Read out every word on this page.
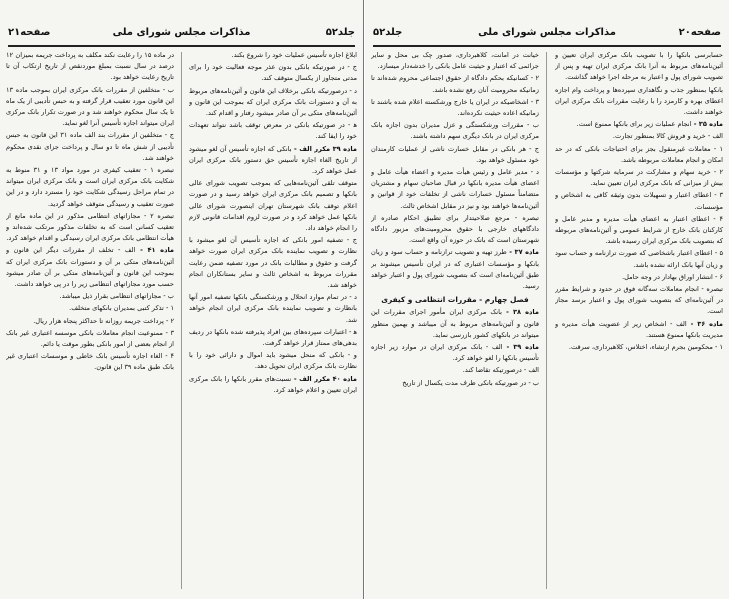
جلد۵۲
مذاکرات مجلس شورای ملی
صفحه۲۱
ابلاغ اجازه تأسیس عملیات خود را شروع بکند.
ﺝ - در صورتیکه بانکی بدون عذر موجه فعالیت خود را برای مدتی متجاوز از یکسال متوقف کند.
د - درصورتیکه بانکی برخلاف این قانون و آئین‌نامه‌های مربوط به آن و دستورات بانک مرکزی ایران که بموجب این قانون و آئین‌نامه‌های متکی بر آن صادر میشود رفتار و اقدام کند.
ﻫ - در صورتیکه بانکی در معرض توقف باشد نتواند تعهدات خود را ایفا کند.
ماده ۳۹ مکرر الف - بانکی که اجازه تأسیس آن لغو میشود از تاریخ الغاء اجازه تأسیس حق دستور بانک مرکزی ایران عمل خواهد کرد.
متوقف تلقی آئین‌نامه‌هایی که بموجب تصویب شورای عالی بانکها و تصمیم بانک مرکزی ایران خواهد رسید و در صورت اعلام توقف بانک شهرستان تهران اینصورت شورای عالی بانکها عمل خواهد کرد و در صورت لزوم اقدامات قانونی لازم را انجام خواهد داد.
ﺝ - تصفیه امور بانکی که اجازه تأسیس آن لغو میشود با نظارت و تصویب نماینده بانک مرکزی ایران صورت خواهد گرفت و حقوق و مطالبات بانک در مورد تصفیه ضمن رعایت مقررات مربوط به اشخاص ثالث و سایر بستانکاران انجام خواهد شد.
د - در تمام موارد انحلال و ورشکستگی بانکها تصفیه امور آنها بانظارت و تصویب نماینده بانک مرکزی ایران انجام خواهد شد.
ﻫ - اعتبارات سپرده‌های بین افراد پذیرفته شده بانکها در ردیف بدهی‌های ممتاز قرار خواهد گرفت.
و - بانکی که منحل میشود باید اموال و دارائی خود را با نظارت بانک مرکزی ایران تحویل دهد.
ماده ۴۰ مکرر الف - نسبت‌های مقرر بانکها را بانک مرکزی ایران تعیین و اعلام خواهد کرد.
در ماده ۱۵ را رعایت نکند مکلف به پرداخت جریمه بمیزان ۱۲ درصد در سال نسبت بمبلغ موردنقص از تاریخ ارتکاب آن تا تاریخ رعایت خواهد بود.
ب - متخلفین از مقررات بانک مرکزی ایران بموجب ماده ۱۳ این قانون مورد تعقیب قرار گرفته و به حبس تأدیبی از یک ماه تا یک سال محکوم خواهند شد و در صورت تکرار بانک مرکزی ایران میتواند اجازه تأسیس آنرا لغو نماید.
ج - متخلفین از مقررات بند الف ماده ۳۱ این قانون به حبس تأدیبی از شش ماه تا دو سال و پرداخت جزای نقدی محکوم خواهند شد.
تبصره ۱ - تعقیب کیفری در مورد مواد ۱۳ و ۳۱ منوط به شکایت بانک مرکزی ایران است و بانک مرکزی ایران میتواند در تمام مراحل رسیدگی شکایت خود را مسترد دارد و در این صورت تعقیب و رسیدگی متوقف خواهد گردید.
تبصره ۲ - مجازاتهای انتظامی مذکور در این ماده مانع از تعقیب کسانی است که به تخلفات مذکور مرتکب شده‌اند و هیأت انتظامی بانک مرکزی ایران رسیدگی و اقدام خواهد کرد.
ماده ۴۱ - الف - تخلف از مقررات دیگر این قانون و آئین‌نامه‌های متکی بر آن و دستورات بانک مرکزی ایران که بموجب این قانون و آئین‌نامه‌های متکی بر آن صادر میشود حسب مورد مجازاتهای انتظامی زیر را در پی خواهد داشت.
ب - مجازاتهای انتظامی بقرار ذیل میباشد.
۱ - تذکر کتبی بمدیران بانکهای متخلف.
۲ - پرداخت جریمه روزانه تا حداکثر پنجاه هزار ریال.
۳ - ممنوعیت انجام معاملات بانکی موسسه اعتباری غیر بانک از انجام بعضی از امور بانکی بطور موقت یا دائم.
۴ - الغاء اجازه تأسیس بانک خاطی و موسسات اعتباری غیر بانک طبق ماده ۳۹ این قانون.
صفحه۲۰
مذاکرات مجلس شورای ملی
جلد۵۲
حسابرسی بانکها را با تصویب بانک مرکزی ایران تعیین و آئین‌نامه‌های مربوط به آنرا بانک مرکزی ایران تهیه و پس از تصویب شورای پول و اعتبار به مرحله اجرا خواهد گذاشت.
بانکها بمنظور جذب و نگاهداری سپرده‌ها و پرداخت وام اجازه اعطای بهره و کارمزد را با رعایت مقررات بانک مرکزی ایران خواهند داشت.
ماده ۳۵ - انجام عملیات زیر برای بانکها ممنوع است.
الف - خرید و فروش کالا بمنظور تجارت.
۱ - معاملات غیرمنقول بجز برای احتیاجات بانکی که در حد امکان و انجام معاملات مربوطه باشد.
۲ - خرید سهام و مشارکت در سرمایه شرکتها و مؤسسات بیش از میزانی که بانک مرکزی ایران تعیین نماید.
۳ - اعطای اعتبار و تسهیلات بدون وثیقه کافی به اشخاص و مؤسسات.
۴ - اعطای اعتبار به اعضای هیأت مدیره و مدیر عامل و کارکنان بانک خارج از شرایط عمومی و آئین‌نامه‌های مربوطه که بتصویب بانک مرکزی ایران رسیده باشد.
۵ - اعطای اعتبار باشخاصی که صورت ترازنامه و حساب سود و زیان آنها بانک ارائه نشده باشد.
۶ - انتشار اوراق بهادار در وجه حامل.
تبصره - انجام معاملات سه‌گانه فوق در حدود و شرایط مقرر در آئین‌نامه‌ای که بتصویب شورای پول و اعتبار برسد مجاز است.
ماده ۳۶ - الف - اشخاص زیر از عضویت هیأت مدیره و مدیریت بانکها ممنوع هستند.
۱ - محکومین بجرم ارتشاء، اختلاس، کلاهبرداری، سرقت.
خیانت در امانت، کلاهبرداری، صدور چک بی محل و سایر جرائمی که اعتبار و حیثیت عامل بانکی را خدشه‌دار میسازد.
۲ - کسانیکه بحکم دادگاه از حقوق اجتماعی محروم شده‌اند تا زمانیکه محرومیت آنان رفع نشده باشد.
۳ - اشخاصیکه در ایران یا خارج ورشکسته اعلام شده باشند تا زمانیکه اعاده حیثیت نکرده‌اند.
ب - مقررات ورشکستگی و عزل مدیران بدون اجازه بانک مرکزی ایران در بانک دیگری سهم داشته باشند.
ج - هر بانکی در مقابل خسارت ناشی از عملیات کارمندان خود مسئول خواهد بود.
د - مدیر عامل و رئیس هیأت مدیره و اعضاء هیأت عامل و اعضای هیأت مدیره بانکها در قبال صاحبان سهام و مشتریان متضامناً مسئول خسارات ناشی از تخلفات خود از قوانین و آئین‌نامه‌ها خواهند بود و نیز در مقابل اشخاص ثالث.
تبصره - مرجع صلاحیتدار برای تطبیق احکام صادره از دادگاههای خارجی با حقوق محرومیت‌های مزبور دادگاه شهرستان است که بانک در حوزه آن واقع است.
ماده ۳۷ - طرز تهیه و تصویب ترازنامه و حساب سود و زیان بانکها و مؤسسات اعتباری که در ایران تأسیس میشوند بر طبق آئین‌نامه‌ای است که بتصویب شورای پول و اعتبار خواهد رسید.
فصل چهارم - مقررات انتظامی و کیفری
ماده ۳۸ - بانک مرکزی ایران مأمور اجرای مقررات این قانون و آئین‌نامه‌های مربوط به آن میباشد و بهمین منظور میتواند در بانکهای کشور بازرسی نماید.
ماده ۳۹ - الف - بانک مرکزی ایران در موارد زیر اجازه تأسیس بانکها را لغو خواهد کرد.
الف - درصورتیکه تقاضا کند.
ب - در صورتیکه بانکی ظرف مدت یکسال از تاریخ
